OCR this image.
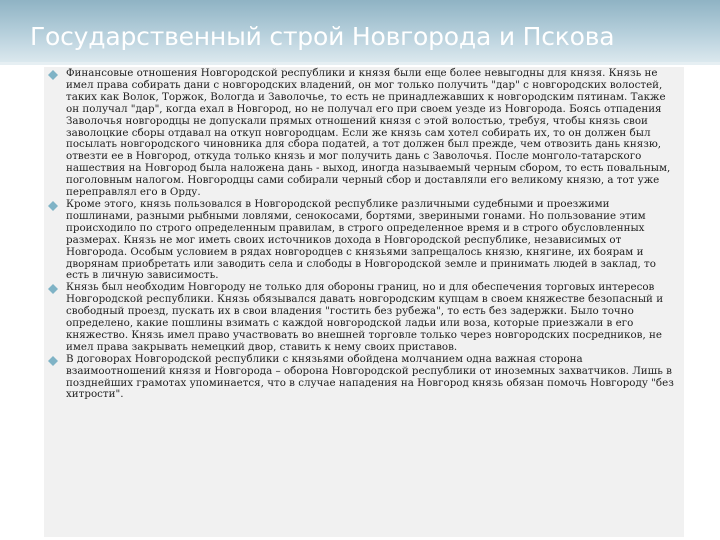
Государственный строй Новгорода и Пскова
Финансовые отношения Новгородской республики и князя были еще более невыгодны для князя. Князь не имел права собирать дани с новгородских владений, он мог только получить "дар" с новгородских волостей, таких как Волок, Торжок, Вологда и Заволочье, то есть не принадлежавших к новгородским пятинам. Также он получал "дар", когда ехал в Новгород, но не получал его при своем уезде из Новгорода. Боясь отпадения Заволочья новгородцы не допускали прямых отношений князя с этой волостью, требуя, чтобы князь свои заволоцкие сборы отдавал на откуп новгородцам. Если же князь сам хотел собирать их, то он должен был посылать новгородского чиновника для сбора податей, а тот должен был прежде, чем отвозить дань князю, отвезти ее в Новгород, откуда только князь и мог получить дань с Заволочья. После монголо-татарского нашествия на Новгород была наложена дань - выход, иногда называемый черным сбором, то есть повальным, поголовным налогом. Новгородцы сами собирали черный сбор и доставляли его великому князю, а тот уже переправлял его в Орду.
Кроме этого, князь пользовался в Новгородской республике различными судебными и проезжими пошлинами, разными рыбными ловлями, сенокосами, бортями, звериными гонами. Но пользование этим происходило по строго определенным правилам, в строго определенное время и в строго обусловленных размерах. Князь не мог иметь своих источников дохода в Новгородской республике, независимых от Новгорода. Особым условием в рядах новгородцев с князьями запрещалось князю, княгине, их боярам и дворянам приобретать или заводить села и слободы в Новгородской земле и принимать людей в заклад, то есть в личную зависимость.
Князь был необходим Новгороду не только для обороны границ, но и для обеспечения торговых интересов Новгородской республики. Князь обязывался давать новгородским купцам в своем княжестве безопасный и свободный проезд, пускать их в свои владения "гостить без рубежа", то есть без задержки. Было точно определено, какие пошлины взимать с каждой новгородской ладьи или воза, которые приезжали в его княжество. Князь имел право участвовать во внешней торговле только через новгородских посредников, не имел права закрывать немецкий двор, ставить к нему своих приставов.
В договорах Новгородской республики с князьями обойдена молчанием одна важная сторона взаимоотношений князя и Новгорода – оборона Новгородской республики от иноземных захватчиков. Лишь в позднейших грамотах упоминается, что в случае нападения на Новгород князь обязан помочь Новгороду "без хитрости".
